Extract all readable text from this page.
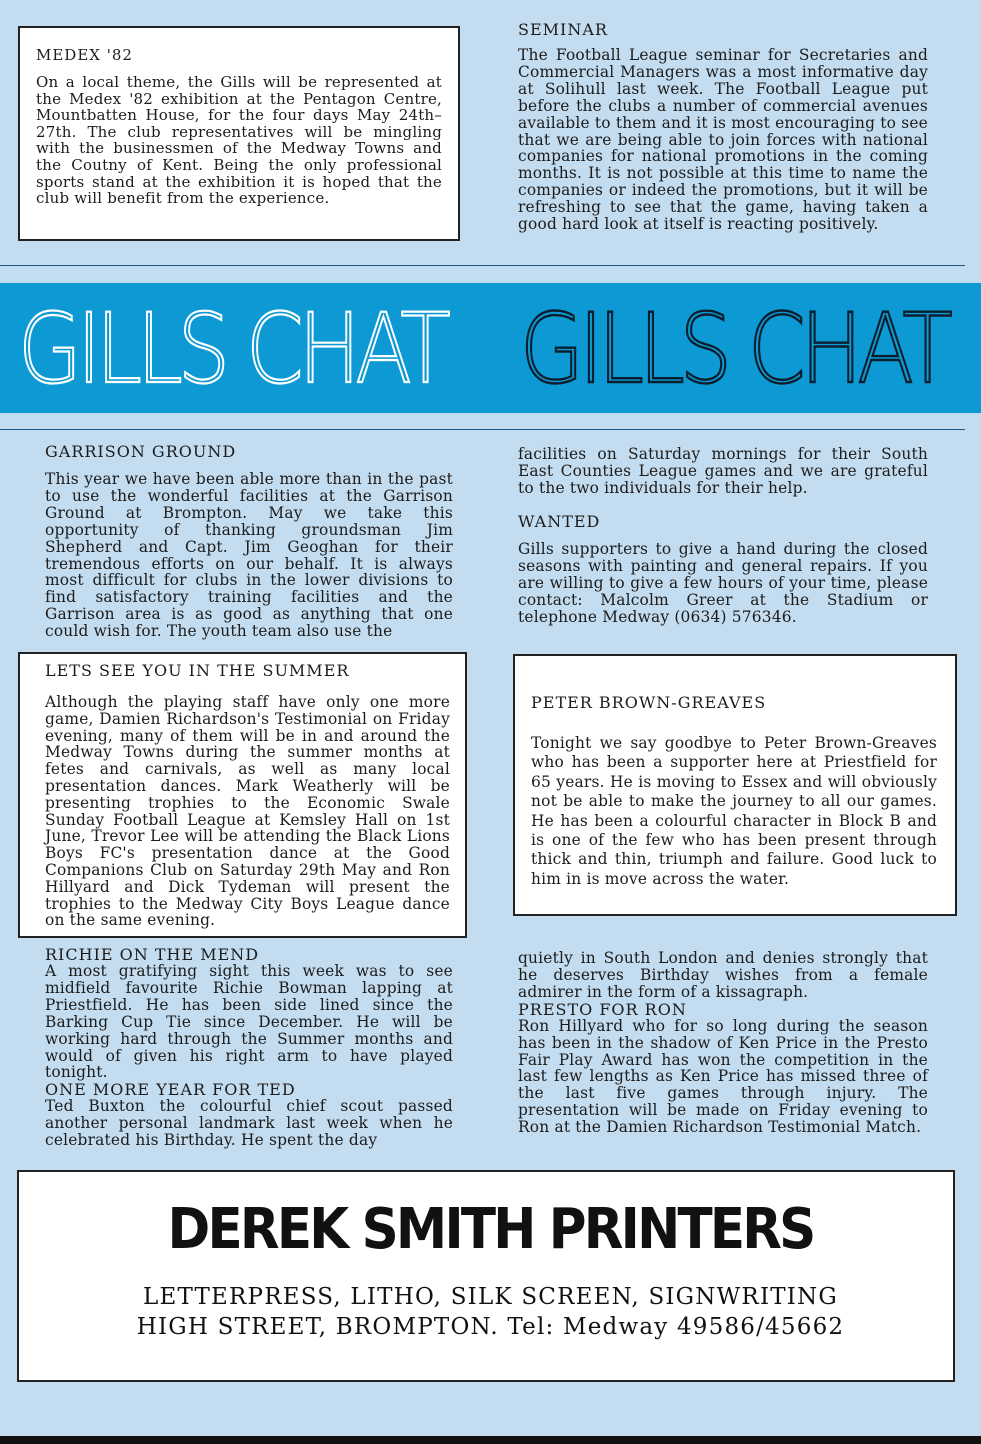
MEDEX '82

On a local theme, the Gills will be represented at the Medex '82 exhibition at the Pentagon Centre, Mountbatten House, for the four days May 24th–27th. The club representatives will be mingling with the businessmen of the Medway Towns and the Coutny of Kent. Being the only professional sports stand at the exhibition it is hoped that the club will benefit from the experience.

SEMINAR

The Football League seminar for Secretaries and Commercial Managers was a most informative day at Solihull last week. The Football League put before the clubs a number of commercial avenues available to them and it is most encouraging to see that we are being able to join forces with national companies for national promotions in the coming months. It is not possible at this time to name the companies or indeed the promotions, but it will be refreshing to see that the game, having taken a good hard look at itself is reacting positively.

GILLS CHAT GILLS CHAT
GARRISON GROUND

This year we have been able more than in the past to use the wonderful facilities at the Garrison Ground at Brompton. May we take this opportunity of thanking groundsman Jim Shepherd and Capt. Jim Geoghan for their tremendous efforts on our behalf. It is always most difficult for clubs in the lower divisions to find satisfactory training facilities and the Garrison area is as good as anything that one could wish for. The youth team also use the

facilities on Saturday mornings for their South East Counties League games and we are grateful to the two individuals for their help.

WANTED

Gills supporters to give a hand during the closed seasons with painting and general repairs. If you are willing to give a few hours of your time, please contact: Malcolm Greer at the Stadium or telephone Medway (0634) 576346.

LETS SEE YOU IN THE SUMMER

Although the playing staff have only one more game, Damien Richardson's Testimonial on Friday evening, many of them will be in and around the Medway Towns during the summer months at fetes and carnivals, as well as many local presentation dances. Mark Weatherly will be presenting trophies to the Economic Swale Sunday Football League at Kemsley Hall on 1st June, Trevor Lee will be attending the Black Lions Boys FC's presentation dance at the Good Companions Club on Saturday 29th May and Ron Hillyard and Dick Tydeman will present the trophies to the Medway City Boys League dance on the same evening.

PETER BROWN-GREAVES

Tonight we say goodbye to Peter Brown-Greaves who has been a supporter here at Priestfield for 65 years. He is moving to Essex and will obviously not be able to make the journey to all our games. He has been a colourful character in Block B and is one of the few who has been present through thick and thin, triumph and failure. Good luck to him in is move across the water.

RICHIE ON THE MEND

A most gratifying sight this week was to see midfield favourite Richie Bowman lapping at Priestfield. He has been side lined since the Barking Cup Tie since December. He will be working hard through the Summer months and would of given his right arm to have played tonight.

ONE MORE YEAR FOR TED

Ted Buxton the colourful chief scout passed another personal landmark last week when he celebrated his Birthday. He spent the day

quietly in South London and denies strongly that he deserves Birthday wishes from a female admirer in the form of a kissagraph.

PRESTO FOR RON

Ron Hillyard who for so long during the season has been in the shadow of Ken Price in the Presto Fair Play Award has won the competition in the last few lengths as Ken Price has missed three of the last five games through injury. The presentation will be made on Friday evening to Ron at the Damien Richardson Testimonial Match.

DEREK SMITH PRINTERS
LETTERPRESS, LITHO, SILK SCREEN, SIGNWRITING
HIGH STREET, BROMPTON. Tel: Medway 49586/45662
